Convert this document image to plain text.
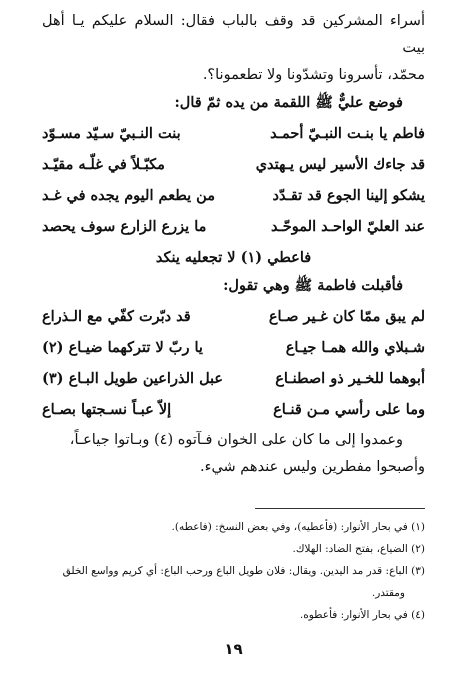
أسراء المشركين قد وقف بالباب فقال: السلام عليكم يـا أهل بيت

محمّد، تأسرونا وتشدّونا ولا تطعمونا؟.

فوضع عليٌّ ﷺ اللقمة من يده ثمّ قال:

فاطم يا بنـت النبـيّ أحمـد
بنت النـبيّ سـيّد مسـوّد
قد جاءك الأسير ليس يـهتدي
مكبّـلاً في غلّـه مقيّـد
يشكو إلينا الجوع قد تقـدّد
من يطعم اليوم يجده في غـد
عند العليّ الواحـد الموحّـد
ما يزرع الزارع سوف يحصد

فاعطي (١) لا تجعليه ينكد

فأقبلت فاطمة ﷺ وهي تقول:

لم يبق ممّا كان غـير صـاع
قد دبّرت كفّي مع الـذراع
شـبلاي والله همـا جيـاع
يا ربّ لا تتركهما ضيـاع (٢)
أبوهما للخـير ذو اصطنـاع
عبل الذراعين طويل البـاع (٣)
وما على رأسي مـن قنـاع
إلاّ عبـاً نسـجتها بصـاع

وعمدوا إلى ما كان على الخوان فـآتوه (٤) وبـاتوا جياعـاً،

وأصبحوا مفطرين وليس عندهم شيء.

(١) في بحار الأنوار: (فأعطيه)، وفي بعض النسخ: (فاعطه).
(٢) الضياع، بفتح الضاد: الهلاك.
(٣) الباع: قدر مد اليدين. ويقال: فلان طويل الباع ورحب الباع: أي كريم وواسع الخلق
ومقتدر.
(٤) في بحار الأنوار: فأعطوه.
١٩
